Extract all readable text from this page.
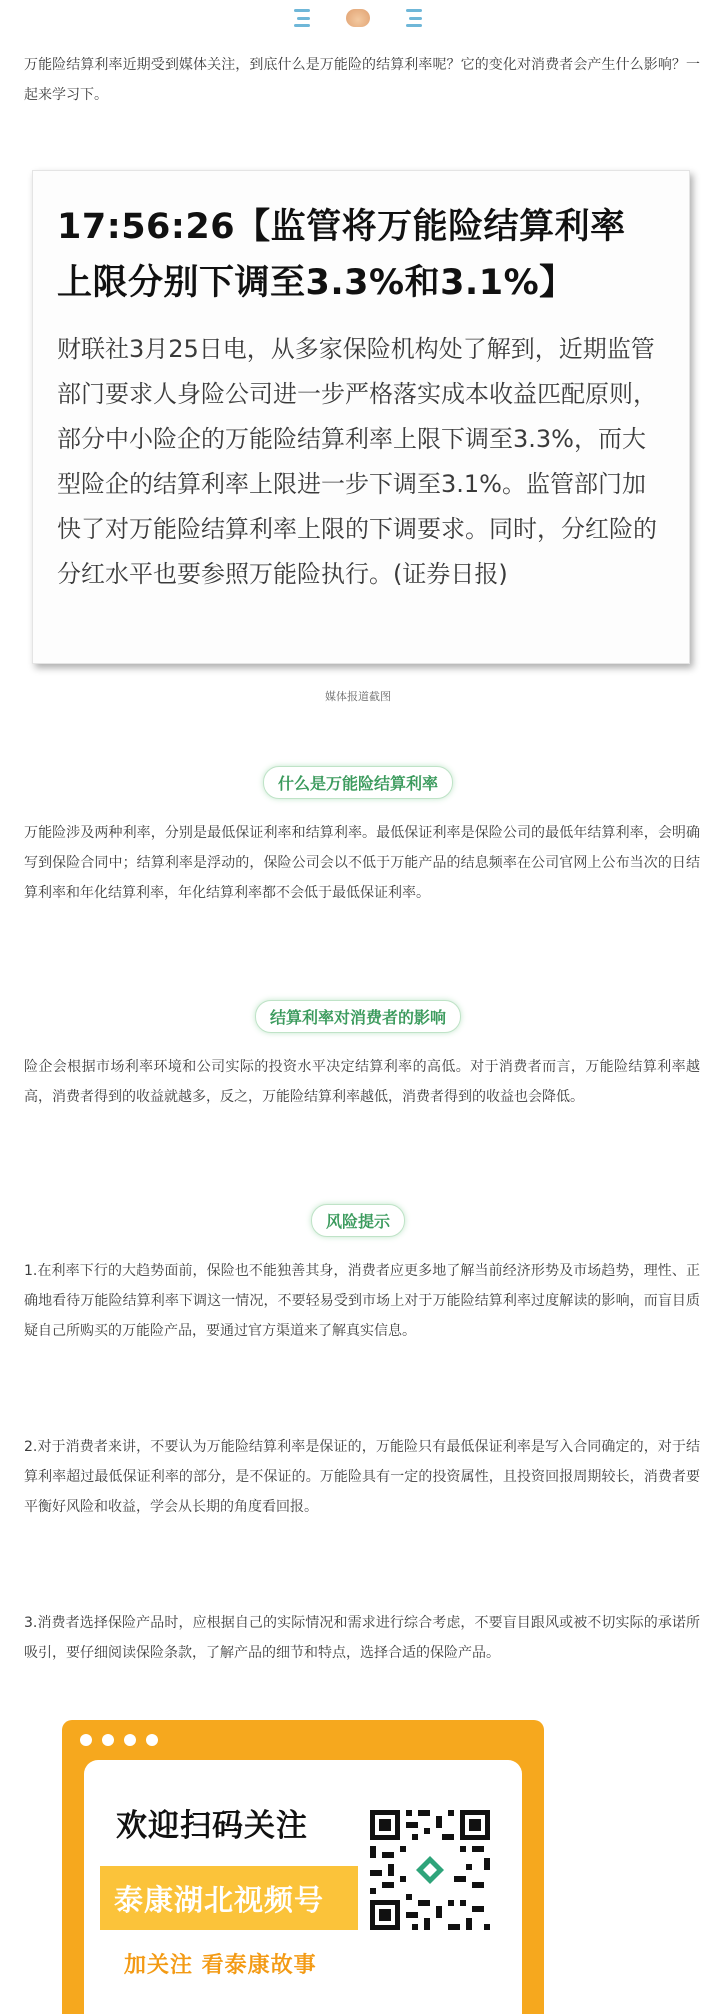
万能险结算利率近期受到媒体关注，到底什么是万能险的结算利率呢？它的变化对消费者会产生什么影响？一起来学习下。

17:56:26【监管将万能险结算利率上限分别下调至3.3%和3.1%】
财联社3月25日电，从多家保险机构处了解到，近期监管部门要求人身险公司进一步严格落实成本收益匹配原则，部分中小险企的万能险结算利率上限下调至3.3%，而大型险企的结算利率上限进一步下调至3.1%。监管部门加快了对万能险结算利率上限的下调要求。同时，分红险的分红水平也要参照万能险执行。(证券日报)
媒体报道截图
什么是万能险结算利率

万能险涉及两种利率，分别是最低保证利率和结算利率。最低保证利率是保险公司的最低年结算利率，会明确写到保险合同中；结算利率是浮动的，保险公司会以不低于万能产品的结息频率在公司官网上公布当次的日结算利率和年化结算利率，年化结算利率都不会低于最低保证利率。

结算利率对消费者的影响

险企会根据市场利率环境和公司实际的投资水平决定结算利率的高低。对于消费者而言，万能险结算利率越高，消费者得到的收益就越多，反之，万能险结算利率越低，消费者得到的收益也会降低。

风险提示

1.在利率下行的大趋势面前，保险也不能独善其身，消费者应更多地了解当前经济形势及市场趋势，理性、正确地看待万能险结算利率下调这一情况，不要轻易受到市场上对于万能险结算利率过度解读的影响，而盲目质疑自己所购买的万能险产品，要通过官方渠道来了解真实信息。

2.对于消费者来讲，不要认为万能险结算利率是保证的，万能险只有最低保证利率是写入合同确定的，对于结算利率超过最低保证利率的部分，是不保证的。万能险具有一定的投资属性，且投资回报周期较长，消费者要平衡好风险和收益，学会从长期的角度看回报。

3.消费者选择保险产品时，应根据自己的实际情况和需求进行综合考虑，不要盲目跟风或被不切实际的承诺所吸引，要仔细阅读保险条款，了解产品的细节和特点，选择合适的保险产品。

欢迎扫码关注
泰康湖北视频号
加关注 看泰康故事
